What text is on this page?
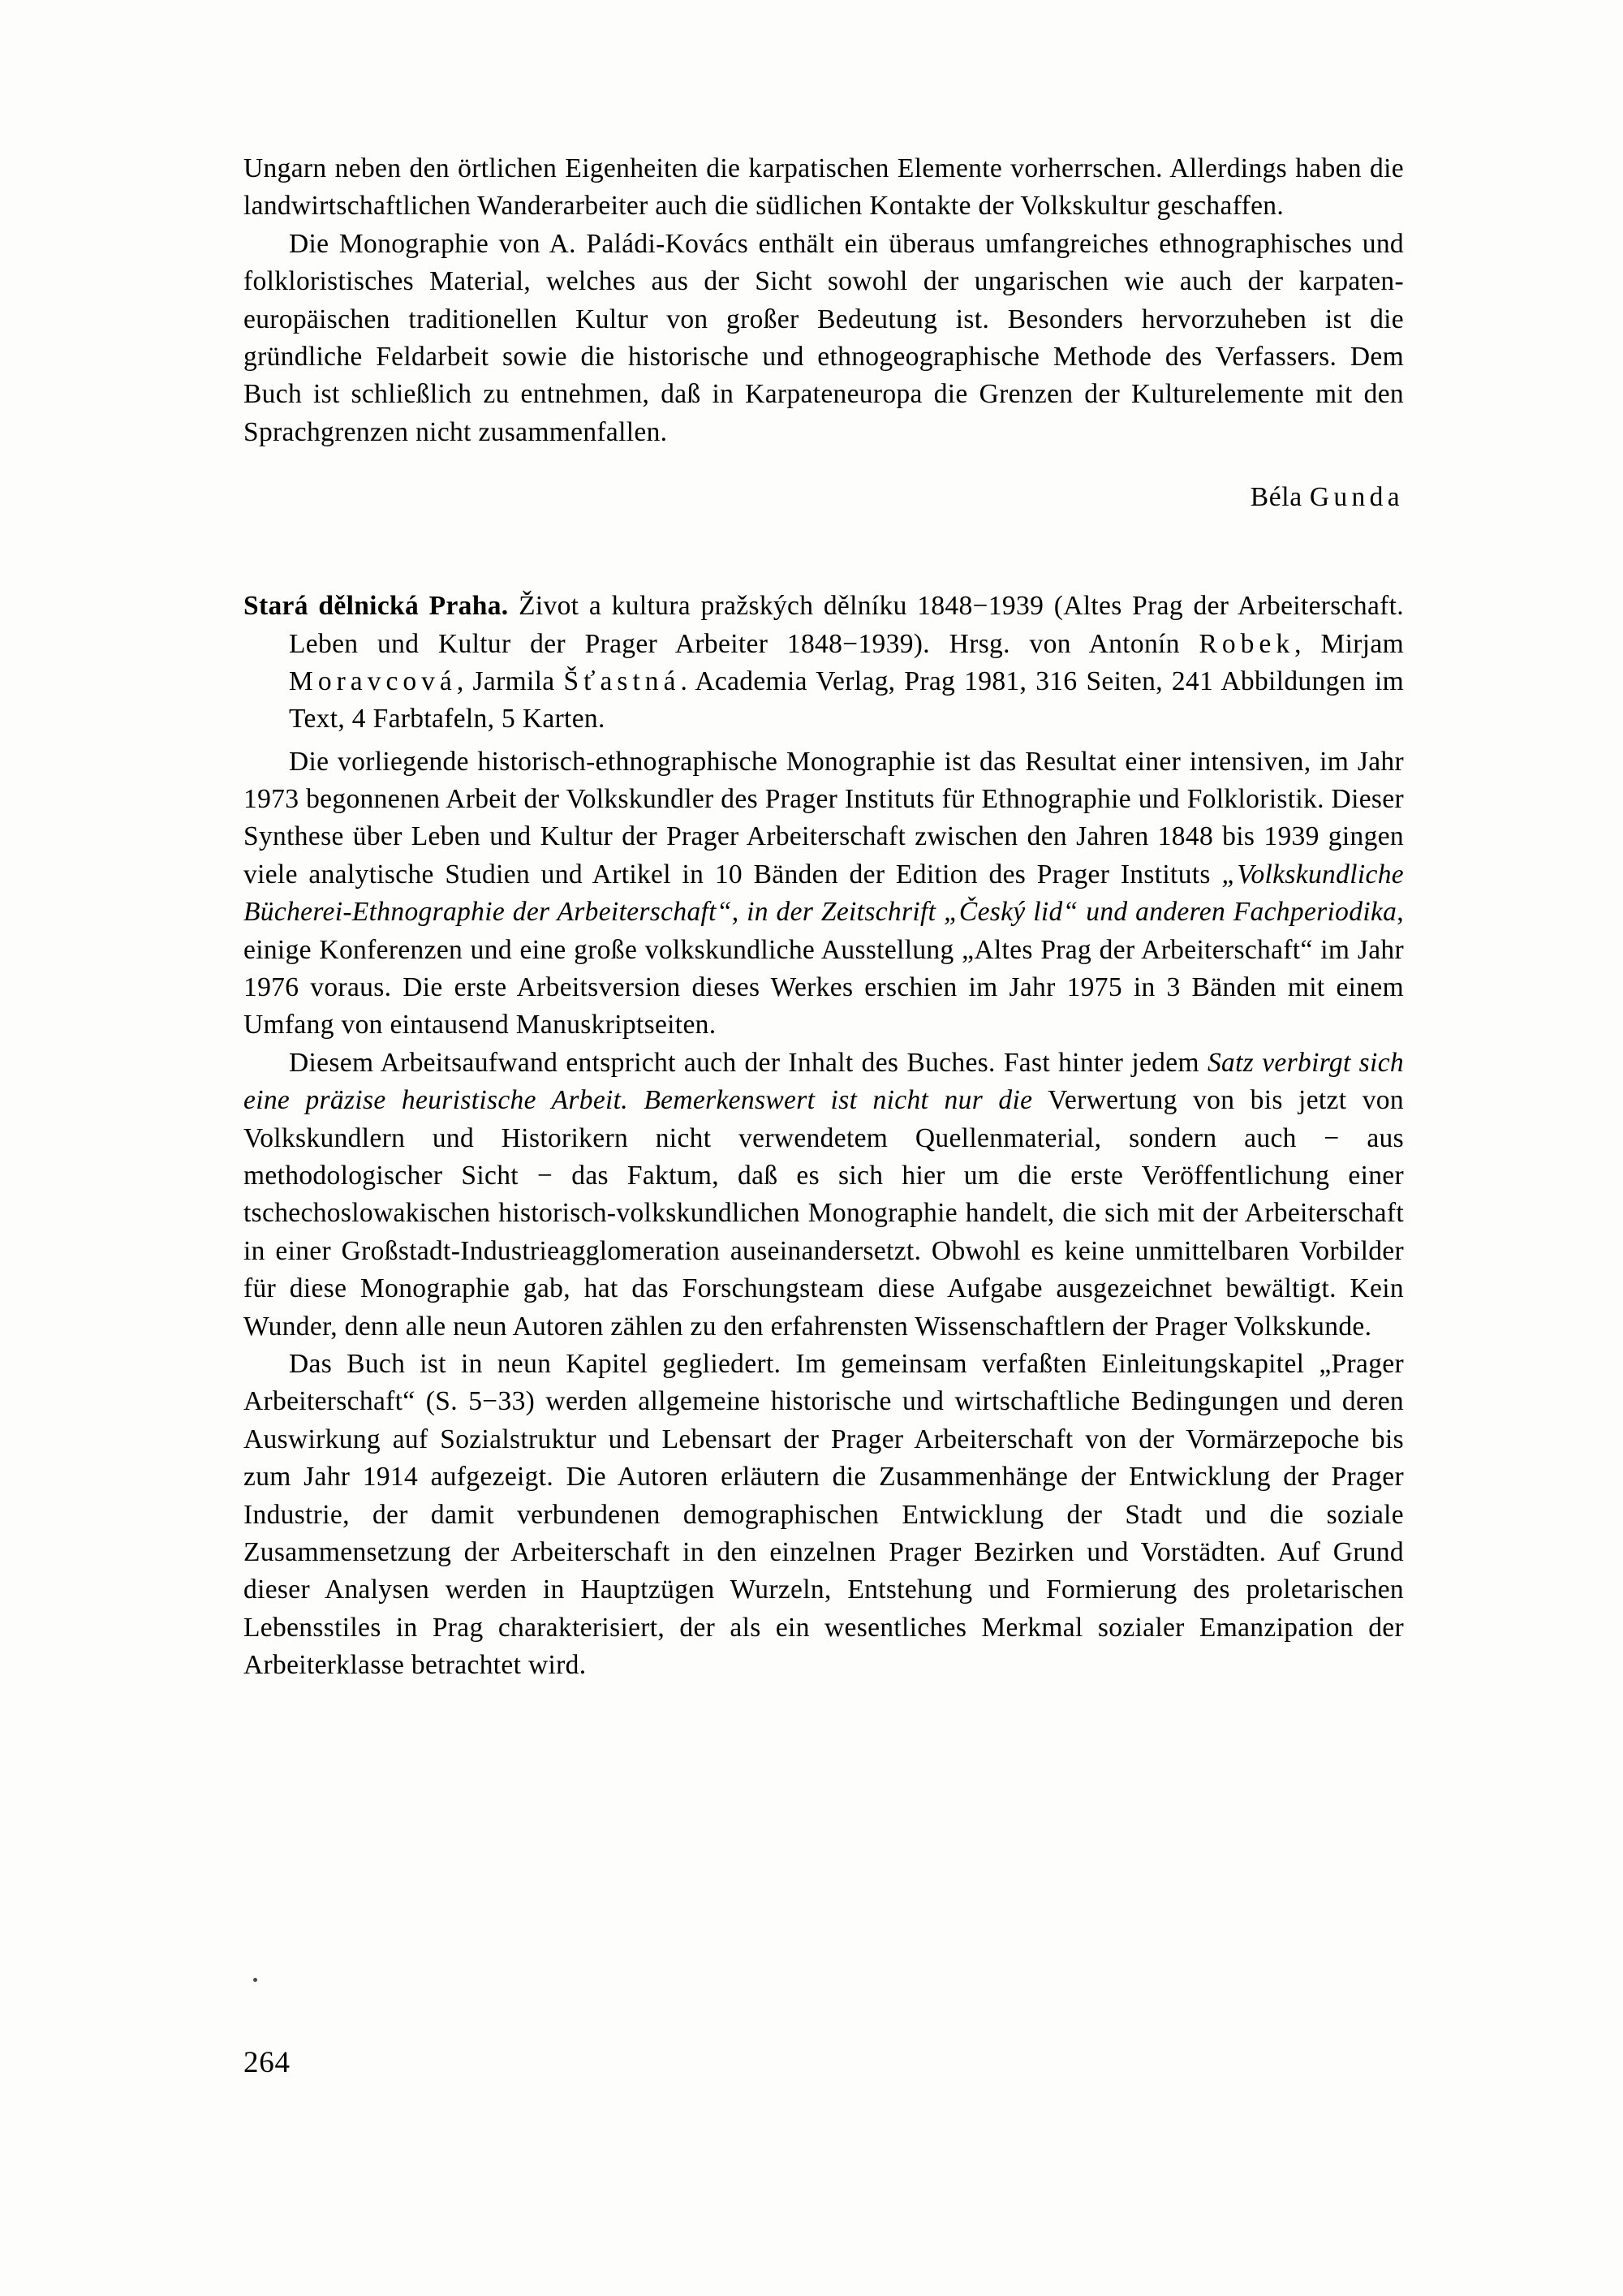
Ungarn neben den örtlichen Eigenheiten die karpatischen Elemente vorherrschen. Allerdings haben die landwirtschaftlichen Wanderarbeiter auch die südlichen Kontakte der Volkskultur geschaffen.

Die Monographie von A. Paládi-Kovács enthält ein überaus umfangreiches ethnographisches und folkloristisches Material, welches aus der Sicht sowohl der ungarischen wie auch der karpaten-europäischen traditionellen Kultur von großer Bedeutung ist. Besonders hervorzuheben ist die gründliche Feldarbeit sowie die historische und ethnogeographische Methode des Verfassers. Dem Buch ist schließlich zu entnehmen, daß in Karpateneuropa die Grenzen der Kulturelemente mit den Sprachgrenzen nicht zusammenfallen.

Béla Gunda

Stará dělnická Praha. Život a kultura pražských dělníku 1848−1939 (Altes Prag der Arbeiterschaft. Leben und Kultur der Prager Arbeiter 1848−1939). Hrsg. von Antonín Robek, Mirjam Moravcová, Jarmila Šťastná. Academia Verlag, Prag 1981, 316 Seiten, 241 Abbildungen im Text, 4 Farbtafeln, 5 Karten.

Die vorliegende historisch-ethnographische Monographie ist das Resultat einer intensiven, im Jahr 1973 begonnenen Arbeit der Volkskundler des Prager Instituts für Ethnographie und Folkloristik. Dieser Synthese über Leben und Kultur der Prager Arbeiterschaft zwischen den Jahren 1848 bis 1939 gingen viele analytische Studien und Artikel in 10 Bänden der Edition des Prager Instituts „Volkskundliche Bücherei-Ethnographie der Arbeiterschaft“, in der Zeitschrift „Český lid“ und anderen Fachperiodika, einige Konferenzen und eine große volkskundliche Ausstellung „Altes Prag der Arbeiterschaft“ im Jahr 1976 voraus. Die erste Arbeitsversion dieses Werkes erschien im Jahr 1975 in 3 Bänden mit einem Umfang von eintausend Manuskriptseiten.

Diesem Arbeitsaufwand entspricht auch der Inhalt des Buches. Fast hinter jedem Satz verbirgt sich eine präzise heuristische Arbeit. Bemerkenswert ist nicht nur die Verwertung von bis jetzt von Volkskundlern und Historikern nicht verwendetem Quellenmaterial, sondern auch − aus methodologischer Sicht − das Faktum, daß es sich hier um die erste Veröffentlichung einer tschechoslowakischen historisch-volkskundlichen Monographie handelt, die sich mit der Arbeiterschaft in einer Großstadt-Industrieagglomeration auseinandersetzt. Obwohl es keine unmittelbaren Vorbilder für diese Monographie gab, hat das Forschungsteam diese Aufgabe ausgezeichnet bewältigt. Kein Wunder, denn alle neun Autoren zählen zu den erfahrensten Wissenschaftlern der Prager Volkskunde.

Das Buch ist in neun Kapitel gegliedert. Im gemeinsam verfaßten Einleitungskapitel „Prager Arbeiterschaft“ (S. 5−33) werden allgemeine historische und wirtschaftliche Bedingungen und deren Auswirkung auf Sozialstruktur und Lebensart der Prager Arbeiterschaft von der Vormärzepoche bis zum Jahr 1914 aufgezeigt. Die Autoren erläutern die Zusammenhänge der Entwicklung der Prager Industrie, der damit verbundenen demographischen Entwicklung der Stadt und die soziale Zusammensetzung der Arbeiterschaft in den einzelnen Prager Bezirken und Vorstädten. Auf Grund dieser Analysen werden in Hauptzügen Wurzeln, Entstehung und Formierung des proletarischen Lebensstiles in Prag charakterisiert, der als ein wesentliches Merkmal sozialer Emanzipation der Arbeiterklasse betrachtet wird.

264
